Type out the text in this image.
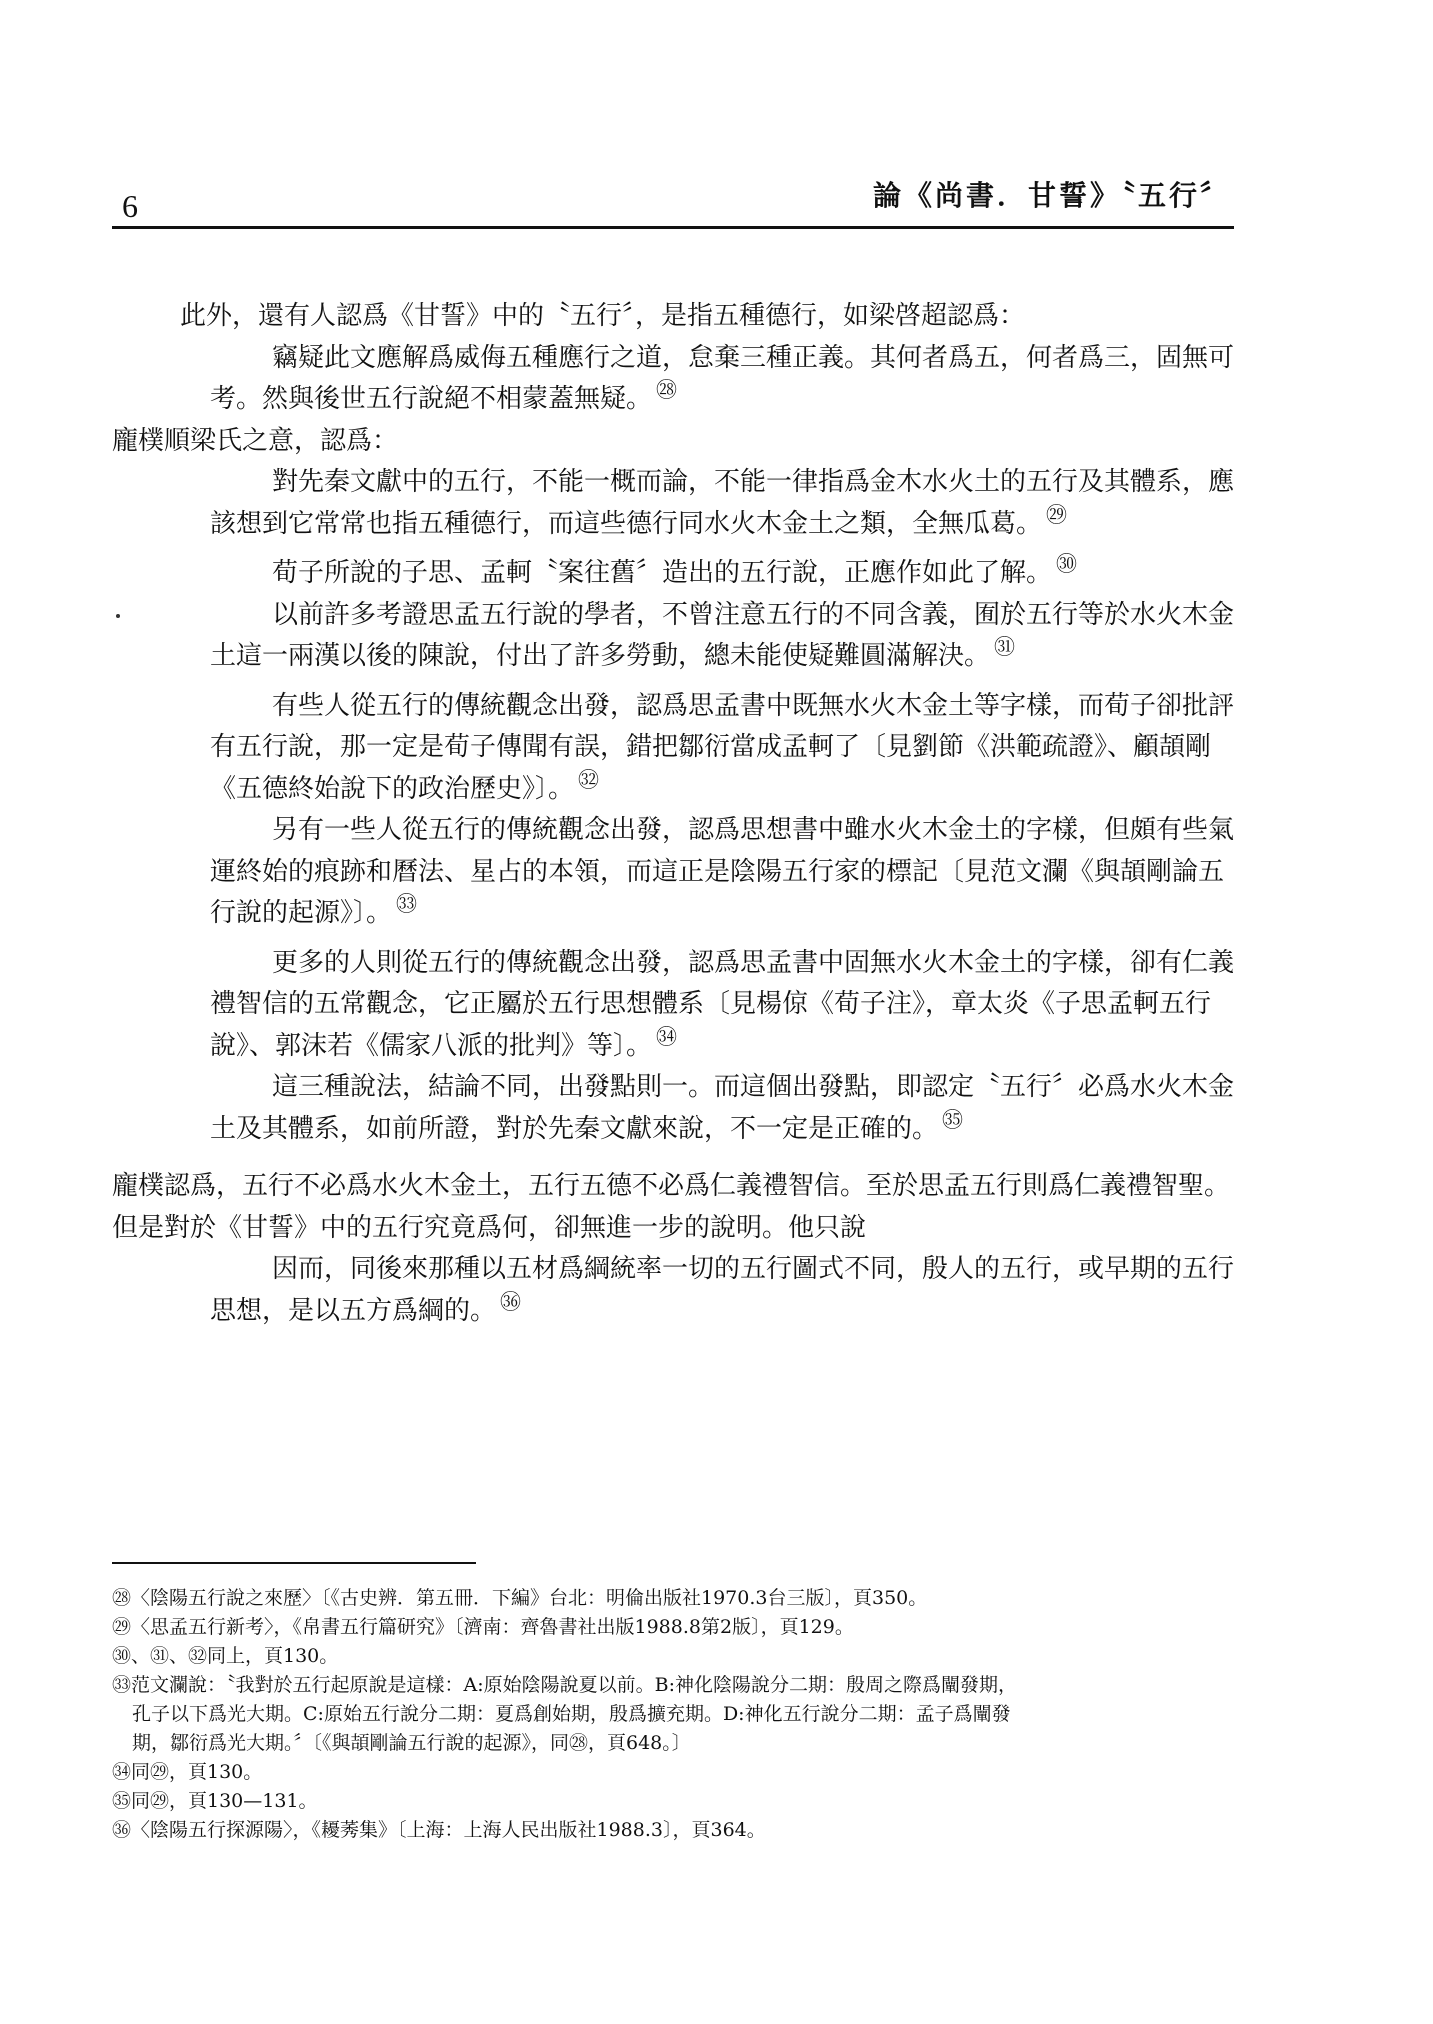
6	論《尚書．甘誓》〝五行〞

此外，還有人認爲《甘誓》中的〝五行〞，是指五種德行，如梁啓超認爲：

竊疑此文應解爲威侮五種應行之道，怠棄三種正義。其何者爲五，何者爲三，固無可考。然與後世五行說絕不相蒙蓋無疑。 $^㉘$

龐樸順梁氏之意，認爲：

對先秦文獻中的五行，不能一概而論，不能一律指爲金木水火土的五行及其體系，應該想到它常常也指五種德行，而這些德行同水火木金土之類，全無瓜葛。 $^㉙$

荀子所說的子思、孟軻〝案往舊〞造出的五行說，正應作如此了解。 $^㉚$

以前許多考證思孟五行說的學者，不曾注意五行的不同含義，囿於五行等於水火木金土這一兩漢以後的陳說，付出了許多勞動，總未能使疑難圓滿解決。 $^㉛$

有些人從五行的傳統觀念出發，認爲思孟書中既無水火木金土等字樣，而荀子卻批評有五行說，那一定是荀子傳聞有誤，錯把鄒衍當成孟軻了〔見劉節《洪範疏證》、顧頡剛《五德終始說下的政治歷史》〕。 $^㉜$

另有一些人從五行的傳統觀念出發，認爲思想書中雖水火木金土的字樣，但頗有些氣運終始的痕跡和曆法、星占的本領，而這正是陰陽五行家的標記〔見范文瀾《與頡剛論五行說的起源》〕。 $^㉝$

更多的人則從五行的傳統觀念出發，認爲思孟書中固無水火木金土的字樣，卻有仁義禮智信的五常觀念，它正屬於五行思想體系〔見楊倞《荀子注》，章太炎《子思孟軻五行說》、郭沫若《儒家八派的批判》等〕。 $^㉞$

這三種說法，結論不同，出發點則一。而這個出發點，即認定〝五行〞必爲水火木金土及其體系，如前所證，對於先秦文獻來說，不一定是正確的。 $^㉟$

龐樸認爲，五行不必爲水火木金土，五行五德不必爲仁義禮智信。至於思孟五行則爲仁義禮智聖。但是對於《甘誓》中的五行究竟爲何，卻無進一步的說明。他只說

因而，同後來那種以五材爲綱統率一切的五行圖式不同，殷人的五行，或早期的五行思想，是以五方爲綱的。 $^㊱$

㉘〈陰陽五行說之來歷〉〔《古史辨．第五冊．下編》台北：明倫出版社1970.3台三版〕，頁350。

㉙〈思孟五行新考〉，《帛書五行篇研究》〔濟南：齊魯書社出版1988.8第2版〕，頁129。

㉚、㉛、㉜同上，頁130。

㉝范文瀾說：〝我對於五行起原說是這樣：A:原始陰陽說夏以前。B:神化陰陽說分二期：殷周之際爲闡發期，

孔子以下爲光大期。C:原始五行說分二期：夏爲創始期，殷爲擴充期。D:神化五行說分二期：孟子爲闡發

期，鄒衍爲光大期。〞〔《與頡剛論五行說的起源》，同㉘，頁648。〕

㉞同㉙，頁130。

㉟同㉙，頁130—131。

㊱〈陰陽五行探源陽〉，《耰莠集》〔上海：上海人民出版社1988.3〕，頁364。
